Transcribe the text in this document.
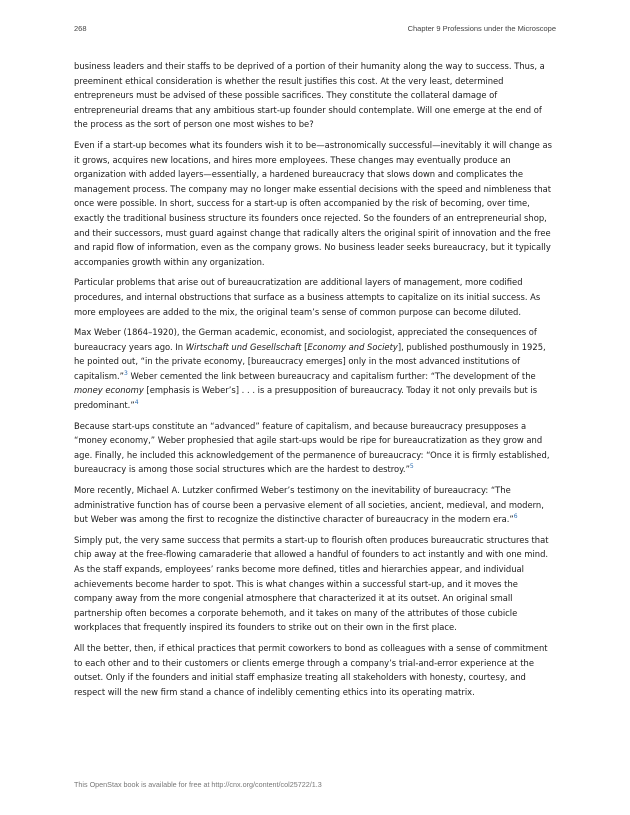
268	Chapter 9 Professions under the Microscope

business leaders and their staffs to be deprived of a portion of their humanity along the way to success. Thus, a preeminent ethical consideration is whether the result justifies this cost. At the very least, determined entrepreneurs must be advised of these possible sacrifices. They constitute the collateral damage of entrepreneurial dreams that any ambitious start-up founder should contemplate. Will one emerge at the end of the process as the sort of person one most wishes to be?

Even if a start-up becomes what its founders wish it to be—astronomically successful—inevitably it will change as it grows, acquires new locations, and hires more employees. These changes may eventually produce an organization with added layers—essentially, a hardened bureaucracy that slows down and complicates the management process. The company may no longer make essential decisions with the speed and nimbleness that once were possible. In short, success for a start-up is often accompanied by the risk of becoming, over time, exactly the traditional business structure its founders once rejected. So the founders of an entrepreneurial shop, and their successors, must guard against change that radically alters the original spirit of innovation and the free and rapid flow of information, even as the company grows. No business leader seeks bureaucracy, but it typically accompanies growth within any organization.

Particular problems that arise out of bureaucratization are additional layers of management, more codified procedures, and internal obstructions that surface as a business attempts to capitalize on its initial success. As more employees are added to the mix, the original team’s sense of common purpose can become diluted.

Max Weber (1864–1920), the German academic, economist, and sociologist, appreciated the consequences of bureaucracy years ago. In Wirtschaft und Gesellschaft [Economy and Society], published posthumously in 1925, he pointed out, “in the private economy, [bureaucracy emerges] only in the most advanced institutions of capitalism.”$^3$ Weber cemented the link between bureaucracy and capitalism further: “The development of the money economy [emphasis is Weber’s] . . . is a presupposition of bureaucracy. Today it not only prevails but is predominant.”$^4$

Because start-ups constitute an “advanced” feature of capitalism, and because bureaucracy presupposes a “money economy,” Weber prophesied that agile start-ups would be ripe for bureaucratization as they grow and age. Finally, he included this acknowledgement of the permanence of bureaucracy: “Once it is firmly established, bureaucracy is among those social structures which are the hardest to destroy.”$^5$

More recently, Michael A. Lutzker confirmed Weber’s testimony on the inevitability of bureaucracy: “The administrative function has of course been a pervasive element of all societies, ancient, medieval, and modern, but Weber was among the first to recognize the distinctive character of bureaucracy in the modern era.”$^6$

Simply put, the very same success that permits a start-up to flourish often produces bureaucratic structures that chip away at the free-flowing camaraderie that allowed a handful of founders to act instantly and with one mind. As the staff expands, employees’ ranks become more defined, titles and hierarchies appear, and individual achievements become harder to spot. This is what changes within a successful start-up, and it moves the company away from the more congenial atmosphere that characterized it at its outset. An original small partnership often becomes a corporate behemoth, and it takes on many of the attributes of those cubicle workplaces that frequently inspired its founders to strike out on their own in the first place.

All the better, then, if ethical practices that permit coworkers to bond as colleagues with a sense of commitment to each other and to their customers or clients emerge through a company’s trial-and-error experience at the outset. Only if the founders and initial staff emphasize treating all stakeholders with honesty, courtesy, and respect will the new firm stand a chance of indelibly cementing ethics into its operating matrix.

This OpenStax book is available for free at http://cnx.org/content/col25722/1.3
